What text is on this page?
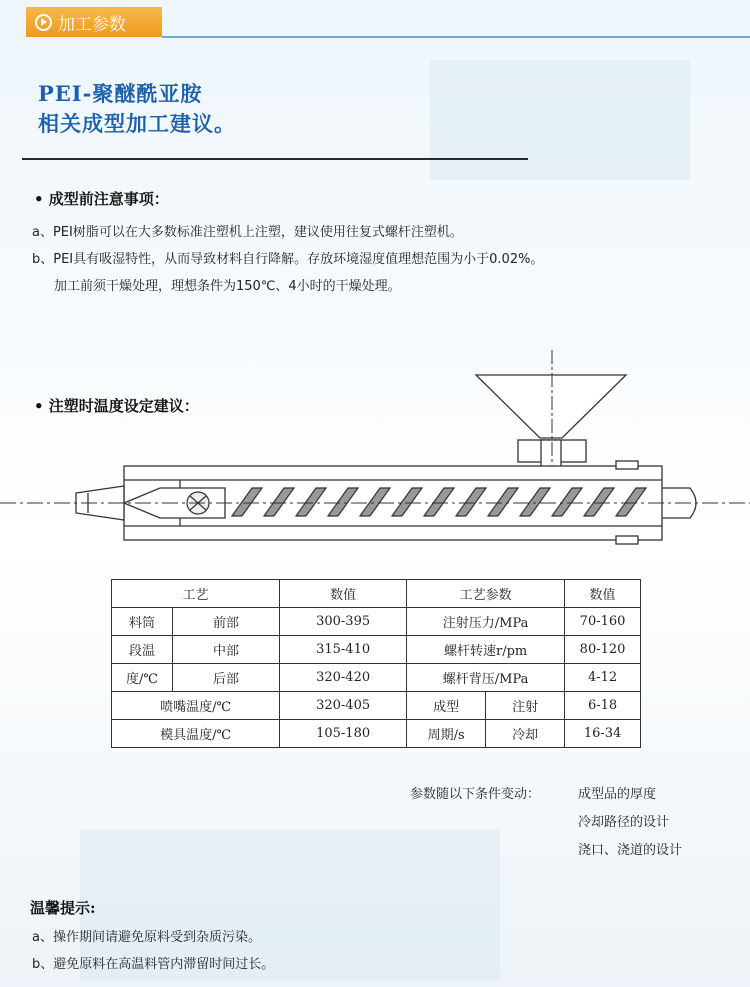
加工参数
PEI-聚醚酰亚胺
相关成型加工建议。
• 成型前注意事项：
a、PEI树脂可以在大多数标准注塑机上注塑，建议使用往复式螺杆注塑机。
b、PEI具有吸湿特性，从而导致材料自行降解。存放环境湿度值理想范围为小于0.02%。
加工前须干燥处理，理想条件为150℃、4小时的干燥处理。
• 注塑时温度设定建议：
工艺		数值	工艺参数		数值
料筒	前部	300-395	注射压力/MPa		70-160
段温	中部	315-410	螺杆转速r/pm		80-120
度/℃	后部	320-420	螺杆背压/MPa		4-12
喷嘴温度/℃		320-405	成型	注射	6-18
模具温度/℃		105-180	周期/s	冷却	16-34
参数随以下条件变动：	成型品的厚度
冷却路径的设计
浇口、浇道的设计
温馨提示:
a、操作期间请避免原料受到杂质污染。
b、避免原料在高温料管内滞留时间过长。
